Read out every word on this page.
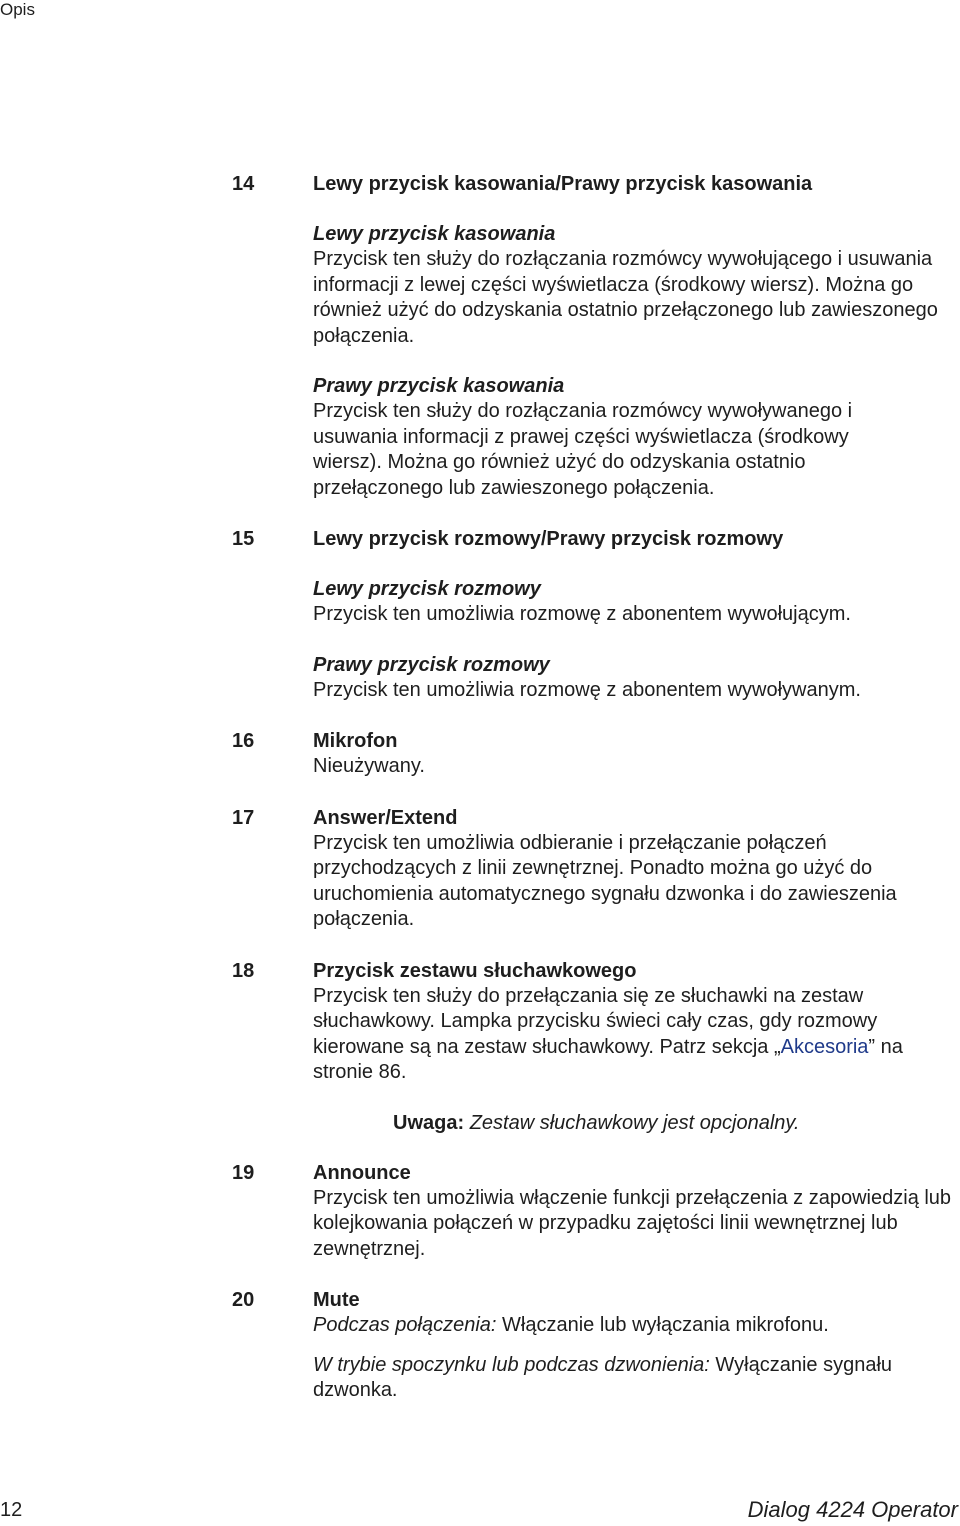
Opis
14	Lewy przycisk kasowania/Prawy przycisk kasowania
Lewy przycisk kasowania
Przycisk ten służy do rozłączania rozmówcy wywołującego i usuwania informacji z lewej części wyświetlacza (środkowy wiersz). Można go również użyć do odzyskania ostatnio przełączonego lub zawieszonego połączenia.
Prawy przycisk kasowania
Przycisk ten służy do rozłączania rozmówcy wywoływanego i usuwania informacji z prawej części wyświetlacza (środkowy wiersz). Można go również użyć do odzyskania ostatnio przełączonego lub zawieszonego połączenia.
15	Lewy przycisk rozmowy/Prawy przycisk rozmowy
Lewy przycisk rozmowy
Przycisk ten umożliwia rozmowę z abonentem wywołującym.
Prawy przycisk rozmowy
Przycisk ten umożliwia rozmowę z abonentem wywoływanym.
16	Mikrofon
Nieużywany.
17	Answer/Extend
Przycisk ten umożliwia odbieranie i przełączanie połączeń przychodzących z linii zewnętrznej. Ponadto można go użyć do uruchomienia automatycznego sygnału dzwonka i do zawieszenia połączenia.
18	Przycisk zestawu słuchawkowego
Przycisk ten służy do przełączania się ze słuchawki na zestaw słuchawkowy. Lampka przycisku świeci cały czas, gdy rozmowy kierowane są na zestaw słuchawkowy. Patrz sekcja „Akcesoria” na stronie 86.
Uwaga: Zestaw słuchawkowy jest opcjonalny.
19	Announce
Przycisk ten umożliwia włączenie funkcji przełączenia z zapowiedzią lub kolejkowania połączeń w przypadku zajętości linii wewnętrznej lub zewnętrznej.
20	Mute
Podczas połączenia: Włączanie lub wyłączania mikrofonu.
W trybie spoczynku lub podczas dzwonienia: Wyłączanie sygnału dzwonka.
12	Dialog 4224 Operator
